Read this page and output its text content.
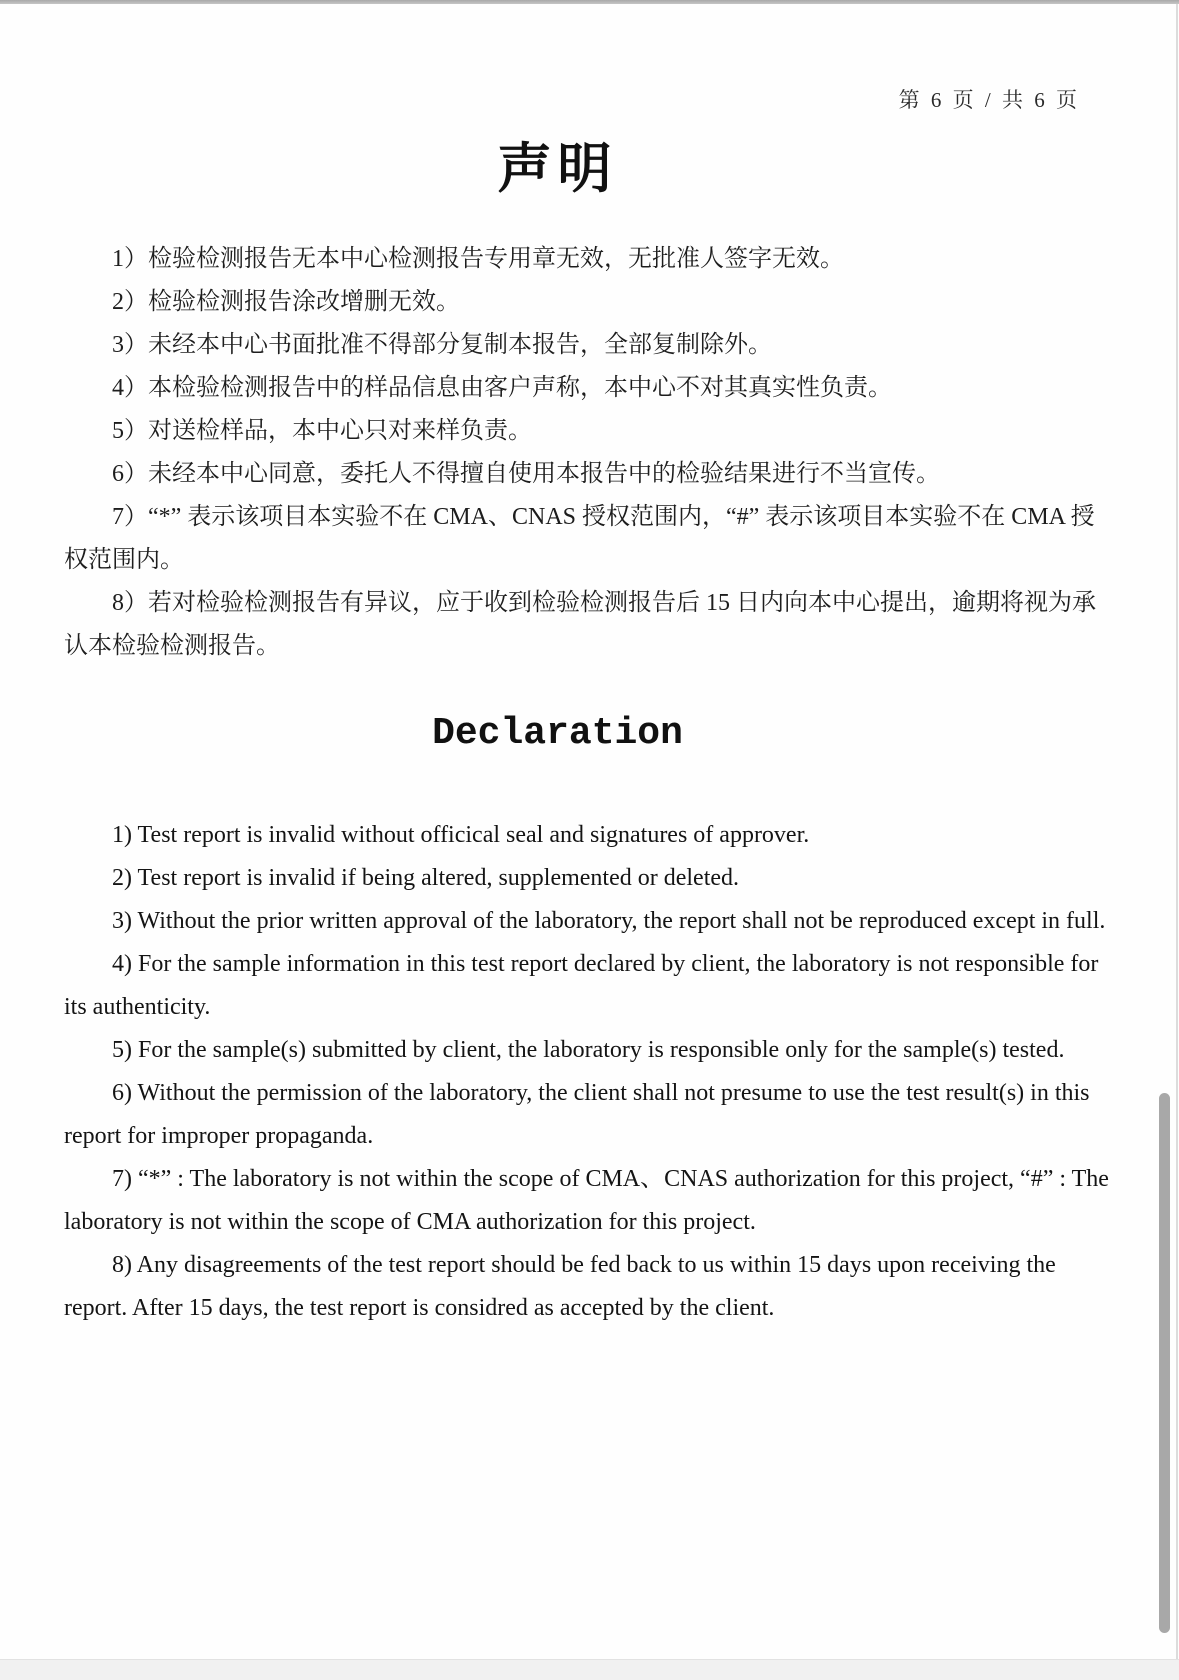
第 6 页 / 共 6 页
声明

1）检验检测报告无本中心检测报告专用章无效，无批准人签字无效。

2）检验检测报告涂改增删无效。

3）未经本中心书面批准不得部分复制本报告，全部复制除外。

4）本检验检测报告中的样品信息由客户声称，本中心不对其真实性负责。

5）对送检样品，本中心只对来样负责。

6）未经本中心同意，委托人不得擅自使用本报告中的检验结果进行不当宣传。

7）“*” 表示该项目本实验不在 CMA、CNAS 授权范围内，“#” 表示该项目本实验不在 CMA 授权范围内。

8）若对检验检测报告有异议，应于收到检验检测报告后 15 日内向本中心提出，逾期将视为承认本检验检测报告。

Declaration

1) Test report is invalid without officical seal and signatures of approver.

2) Test report is invalid if being altered, supplemented or deleted.

3) Without the prior written approval of the laboratory, the report shall not be reproduced except in full.

4) For the sample information in this test report declared by client, the laboratory is not responsible for its authenticity.

5) For the sample(s) submitted by client, the laboratory is responsible only for the sample(s) tested.

6) Without the permission of the laboratory, the client shall not presume to use the test result(s) in this report for improper propaganda.

7) “*” : The laboratory is not within the scope of CMA、CNAS authorization for this project, “#” : The laboratory is not within the scope of CMA authorization for this project.

8) Any disagreements of the test report should be fed back to us within 15 days upon receiving the report. After 15 days, the test report is considred as accepted by the client.
